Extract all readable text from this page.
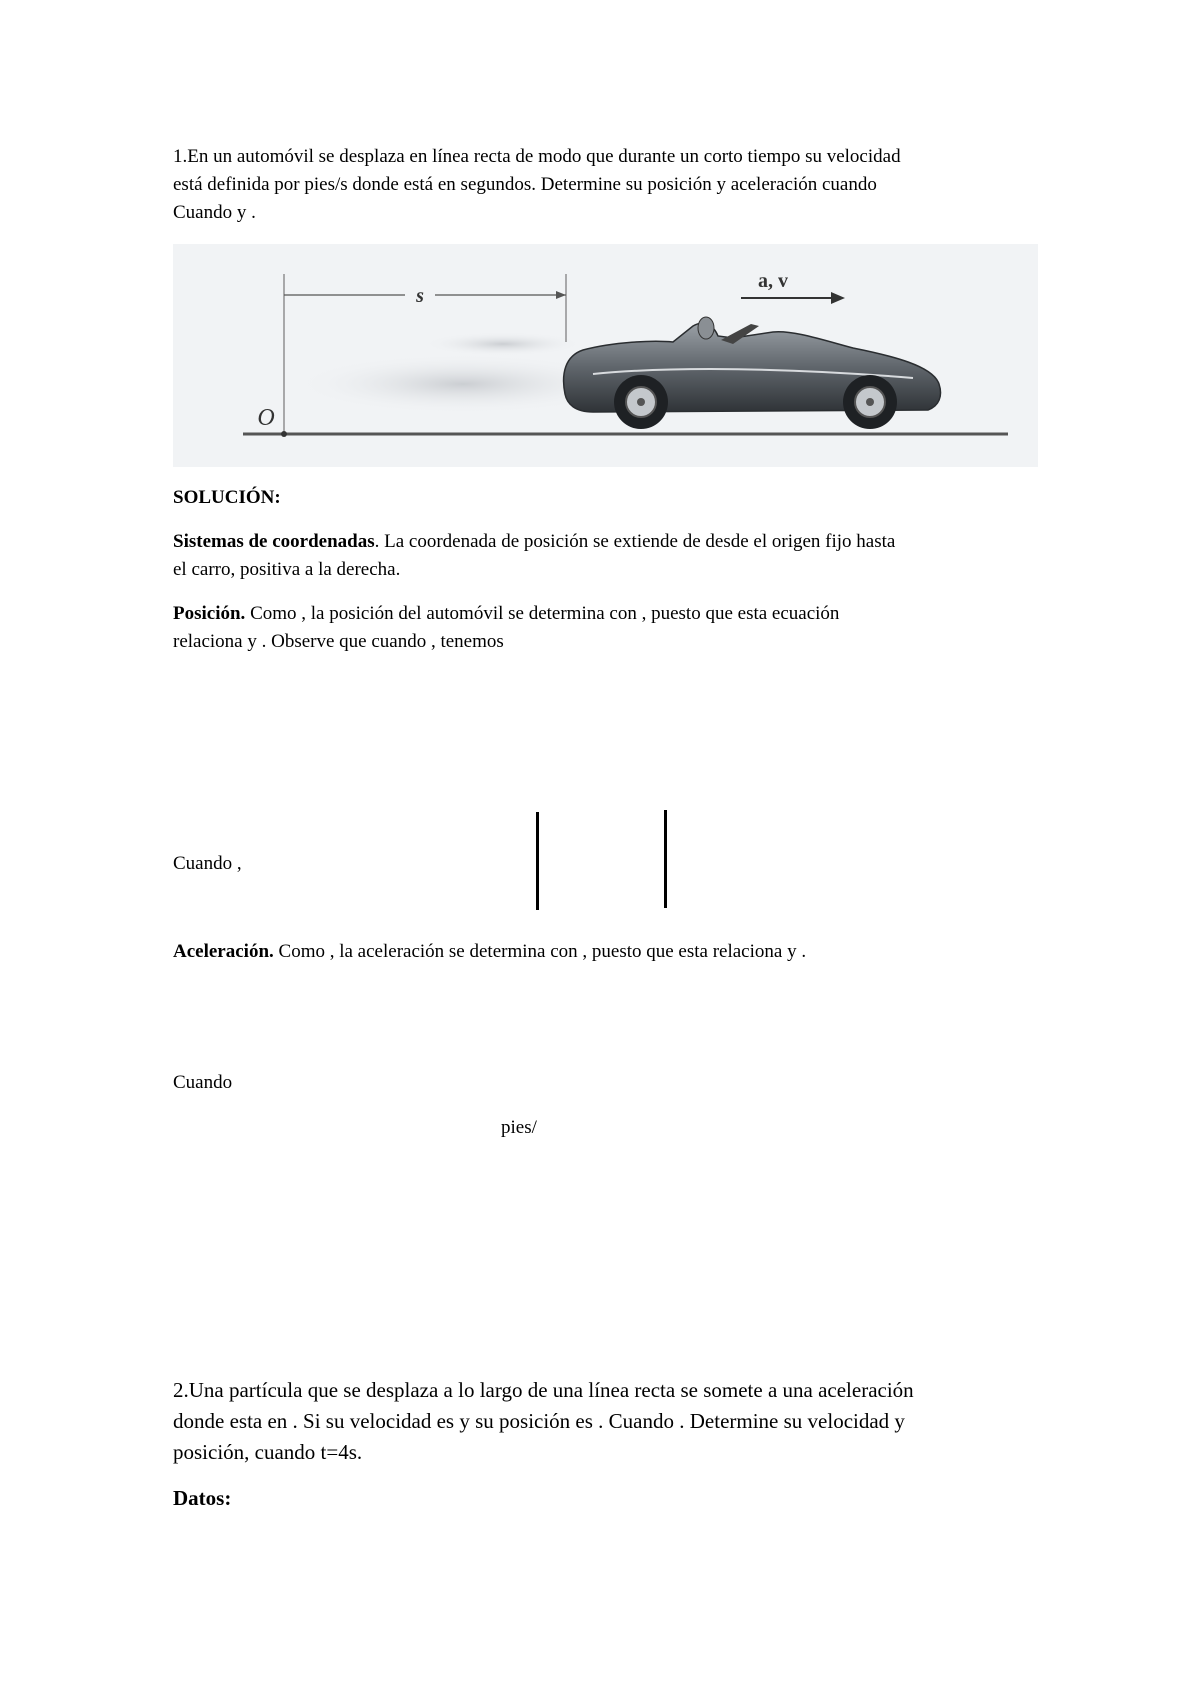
1.En un automóvil se desplaza en línea recta de modo que durante un corto tiempo su velocidad
está definida por pies/s donde está en segundos. Determine su posición y aceleración cuando
Cuando y .

s
a, v
O

SOLUCIÓN:

Sistemas de coordenadas. La coordenada de posición se extiende de desde el origen fijo hasta
el carro, positiva a la derecha.

Posición. Como , la posición del automóvil se determina con , puesto que esta ecuación
relaciona y . Observe que cuando , tenemos

Cuando ,

Aceleración. Como , la aceleración se determina con , puesto que esta relaciona y .

Cuando

pies/

2.Una partícula que se desplaza a lo largo de una línea recta se somete a una aceleración
donde esta en . Si su velocidad es y su posición es . Cuando . Determine su velocidad y
posición, cuando t=4s.

Datos:
